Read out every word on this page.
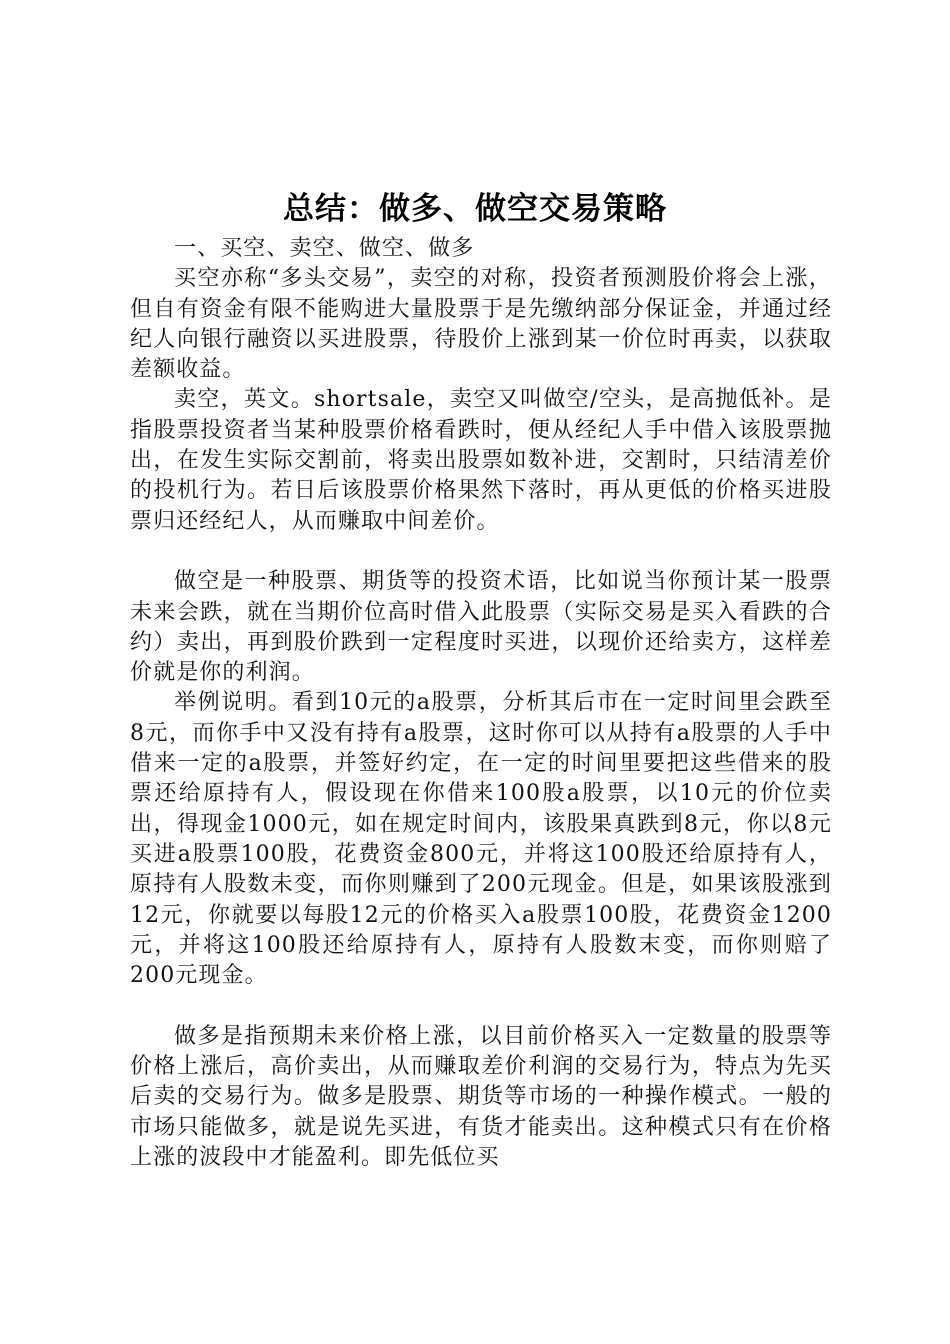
总结：做多、做空交易策略

一、买空、卖空、做空、做多

买空亦称“多头交易”，卖空的对称，投资者预测股价将会上涨，但自有资金有限不能购进大量股票于是先缴纳部分保证金，并通过经纪人向银行融资以买进股票，待股价上涨到某一价位时再卖，以获取差额收益。

卖空，英文。shortsale，卖空又叫做空/空头，是高抛低补。是指股票投资者当某种股票价格看跌时，便从经纪人手中借入该股票抛出，在发生实际交割前，将卖出股票如数补进，交割时，只结清差价的投机行为。若日后该股票价格果然下落时，再从更低的价格买进股票归还经纪人，从而赚取中间差价。

做空是一种股票、期货等的投资术语，比如说当你预计某一股票未来会跌，就在当期价位高时借入此股票（实际交易是买入看跌的合约）卖出，再到股价跌到一定程度时买进，以现价还给卖方，这样差价就是你的利润。

举例说明。看到10元的a股票，分析其后市在一定时间里会跌至8元，而你手中又没有持有a股票，这时你可以从持有a股票的人手中借来一定的a股票，并签好约定，在一定的时间里要把这些借来的股票还给原持有人，假设现在你借来100股a股票，以10元的价位卖出，得现金1000元，如在规定时间内，该股果真跌到8元，你以8元买进a股票100股，花费资金800元，并将这100股还给原持有人，原持有人股数未变，而你则赚到了200元现金。但是，如果该股涨到12元，你就要以每股12元的价格买入a股票100股，花费资金1200元，并将这100股还给原持有人，原持有人股数末变，而你则赔了200元现金。

做多是指预期未来价格上涨，以目前价格买入一定数量的股票等价格上涨后，高价卖出，从而赚取差价利润的交易行为，特点为先买后卖的交易行为。做多是股票、期货等市场的一种操作模式。一般的市场只能做多，就是说先买进，有货才能卖出。这种模式只有在价格上涨的波段中才能盈利。即先低位买
